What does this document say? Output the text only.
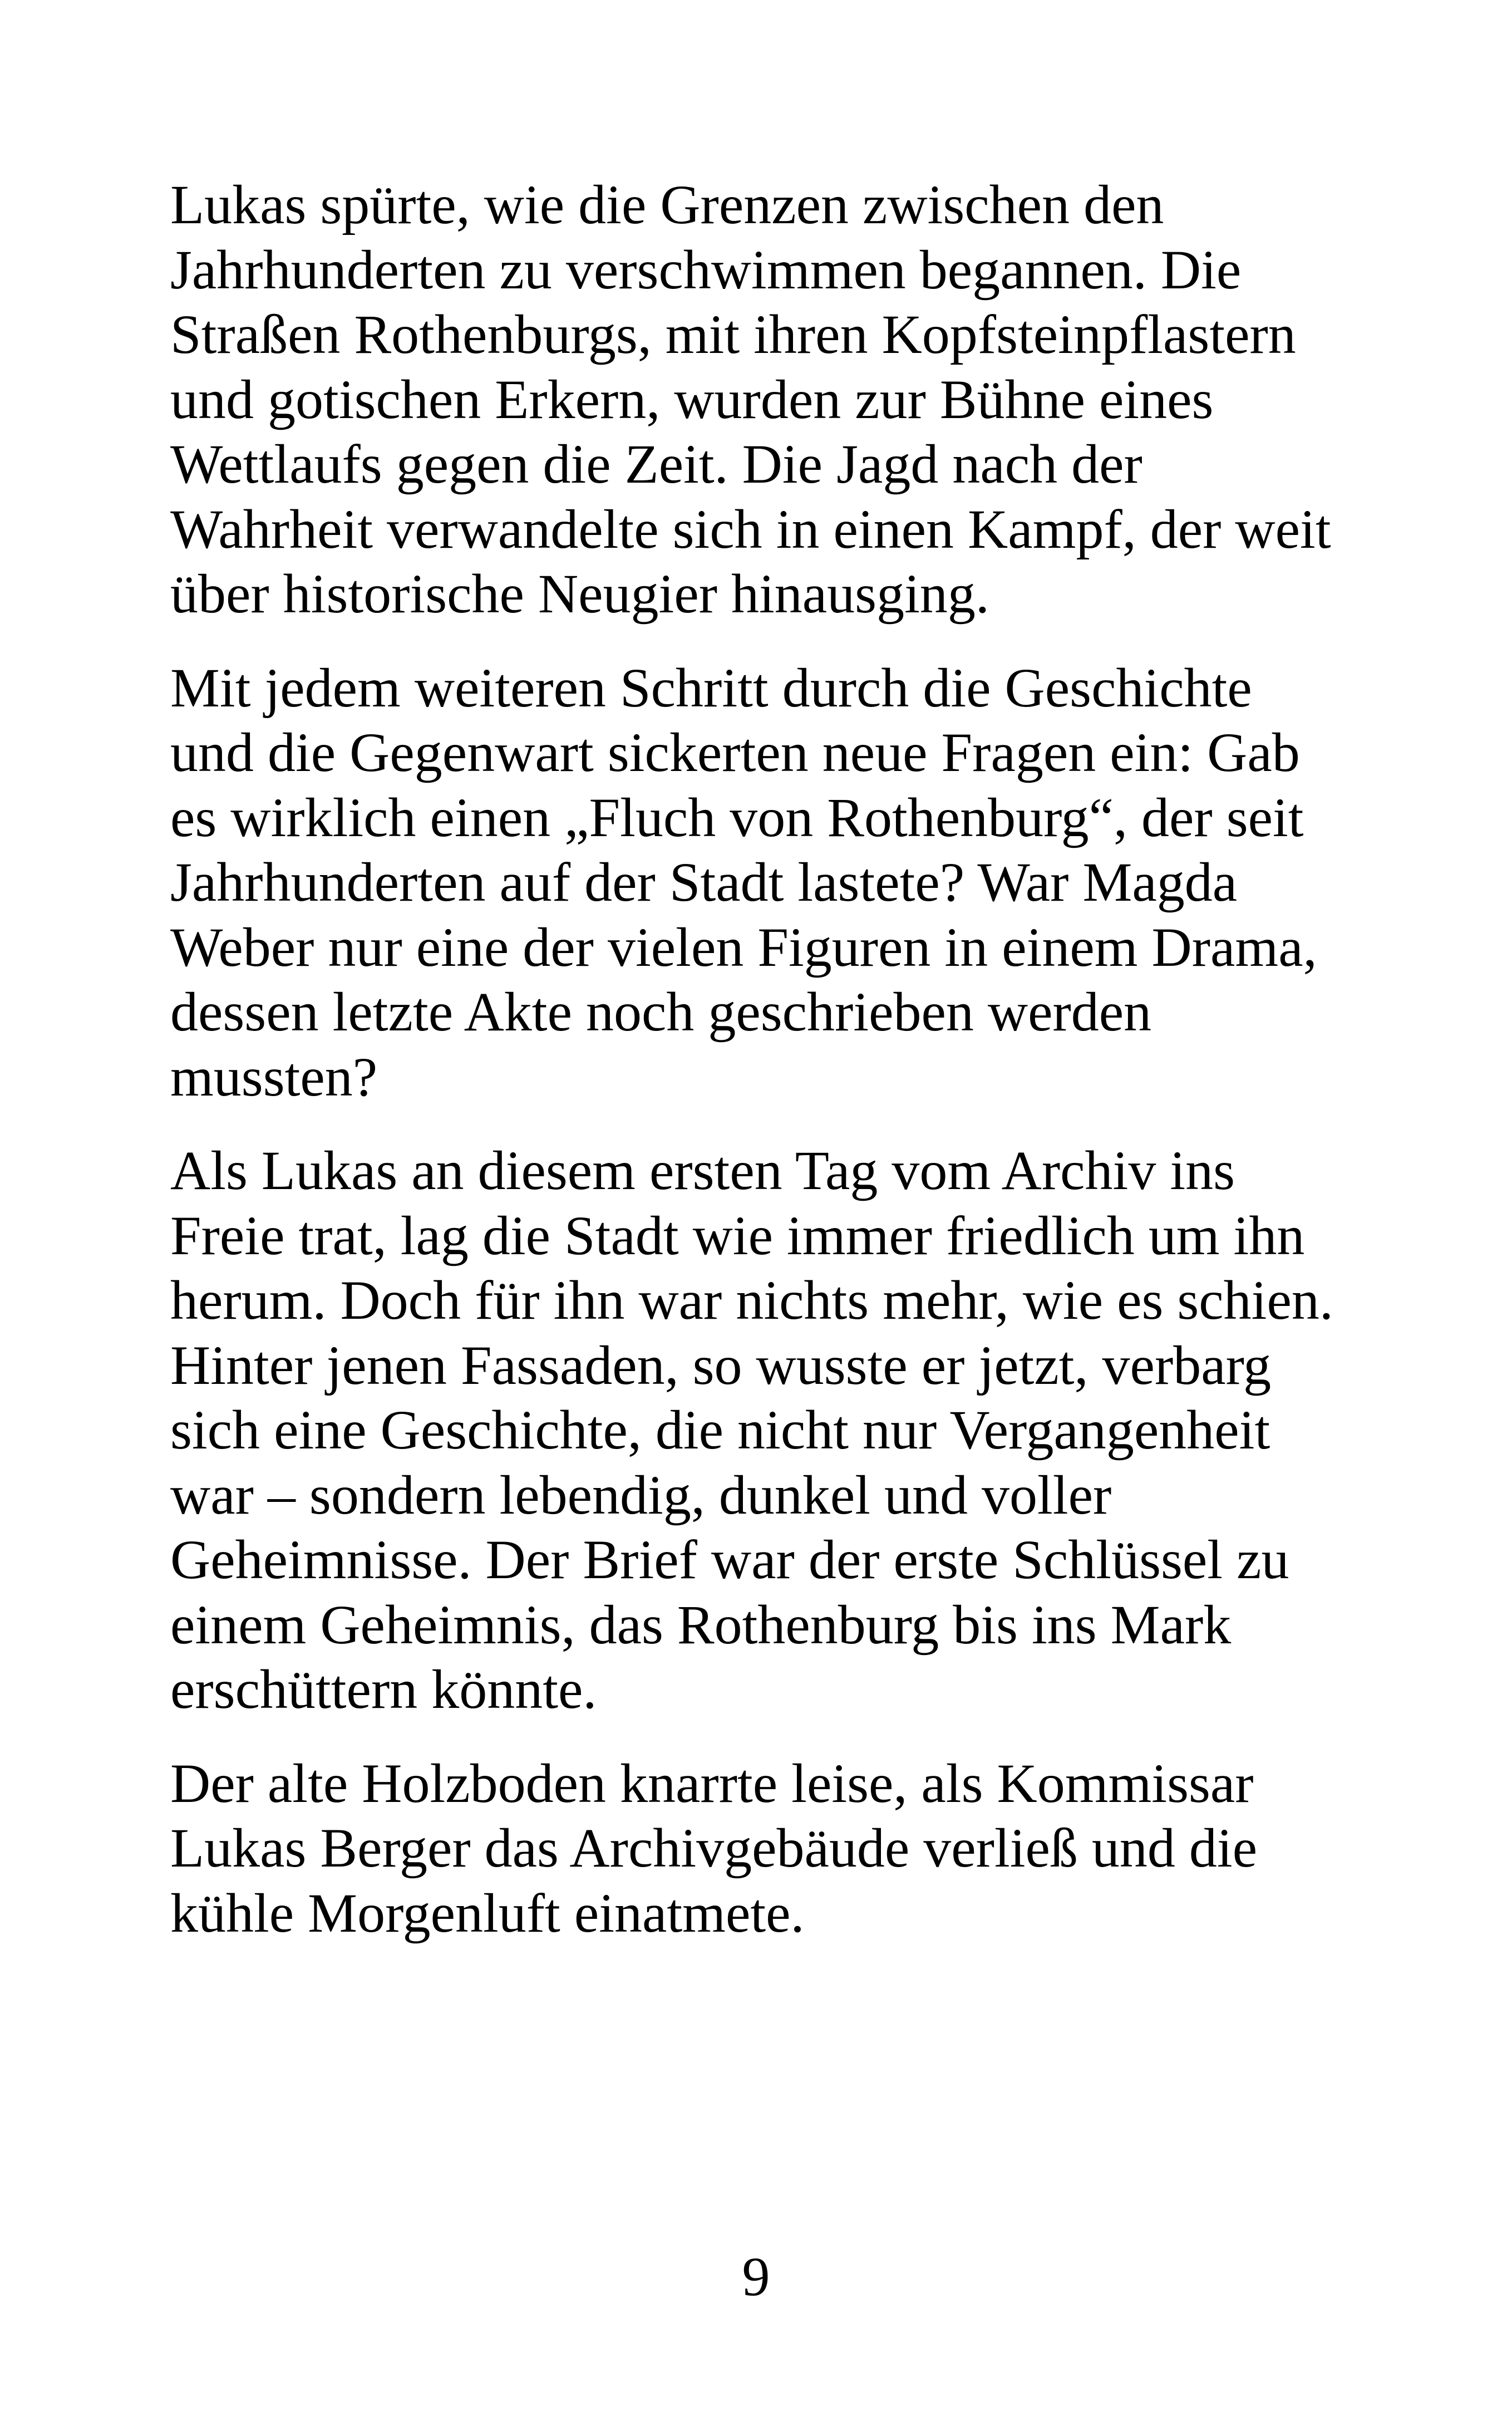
Lukas spürte, wie die Grenzen zwischen den
Jahrhunderten zu verschwimmen begannen. Die
Straßen Rothenburgs, mit ihren Kopfsteinpflastern
und gotischen Erkern, wurden zur Bühne eines
Wettlaufs gegen die Zeit. Die Jagd nach der
Wahrheit verwandelte sich in einen Kampf, der weit
über historische Neugier hinausging.

Mit jedem weiteren Schritt durch die Geschichte
und die Gegenwart sickerten neue Fragen ein: Gab
es wirklich einen „Fluch von Rothenburg“, der seit
Jahrhunderten auf der Stadt lastete? War Magda
Weber nur eine der vielen Figuren in einem Drama,
dessen letzte Akte noch geschrieben werden
mussten?

Als Lukas an diesem ersten Tag vom Archiv ins
Freie trat, lag die Stadt wie immer friedlich um ihn
herum. Doch für ihn war nichts mehr, wie es schien.
Hinter jenen Fassaden, so wusste er jetzt, verbarg
sich eine Geschichte, die nicht nur Vergangenheit
war – sondern lebendig, dunkel und voller
Geheimnisse. Der Brief war der erste Schlüssel zu
einem Geheimnis, das Rothenburg bis ins Mark
erschüttern könnte.

Der alte Holzboden knarrte leise, als Kommissar
Lukas Berger das Archivgebäude verließ und die
kühle Morgenluft einatmete.

9
